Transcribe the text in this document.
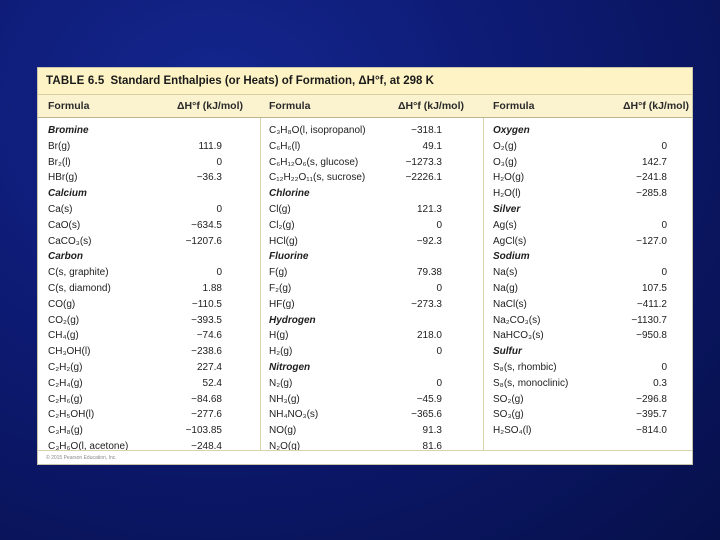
TABLE 6.5 Standard Enthalpies (or Heats) of Formation, ΔH°f, at 298 K
Formula	ΔH°f (kJ/mol) Formula	ΔH°f (kJ/mol)	Formula	ΔH°f (kJ/mol)
Bromine
Br(g)	111.9
Br₂(l)	0
HBr(g)	−36.3
Calcium
Ca(s)	0
CaO(s)	−634.5
CaCO₃(s)	−1207.6
Carbon
C(s, graphite)	0
C(s, diamond)	1.88
CO(g)	−110.5
CO₂(g)	−393.5
CH₄(g)	−74.6
CH₃OH(l)	−238.6
C₂H₂(g)	227.4
C₂H₄(g)	52.4
C₂H₆(g)	−84.68
C₂H₅OH(l)	−277.6
C₃H₈(g)	−103.85
C₃H₆O(l, acetone)	−248.4
C₃H₈O(l, isopropanol)	−318.1
C₆H₆(l)	49.1
C₆H₁₂O₆(s, glucose)	−1273.3
C₁₂H₂₂O₁₁(s, sucrose)	−2226.1
Chlorine
Cl(g)	121.3
Cl₂(g)	0
HCl(g)	−92.3
Fluorine
F(g)	79.38
F₂(g)	0
HF(g)	−273.3
Hydrogen
H(g)	218.0
H₂(g)	0
Nitrogen
N₂(g)	0
NH₃(g)	−45.9
NH₄NO₃(s)	−365.6
NO(g)	91.3
N₂O(g)	81.6
Oxygen
O₂(g)	0
O₃(g)	142.7
H₂O(g)	−241.8
H₂O(l)	−285.8
Silver
Ag(s)	0
AgCl(s)	−127.0
Sodium
Na(s)	0
Na(g)	107.5
NaCl(s)	−411.2
Na₂CO₃(s)	−1130.7
NaHCO₃(s)	−950.8
Sulfur
S₈(s, rhombic)	0
S₈(s, monoclinic)	0.3
SO₂(g)	−296.8
SO₃(g)	−395.7
H₂SO₄(l)	−814.0
© 2015 Pearson Education, Inc.
